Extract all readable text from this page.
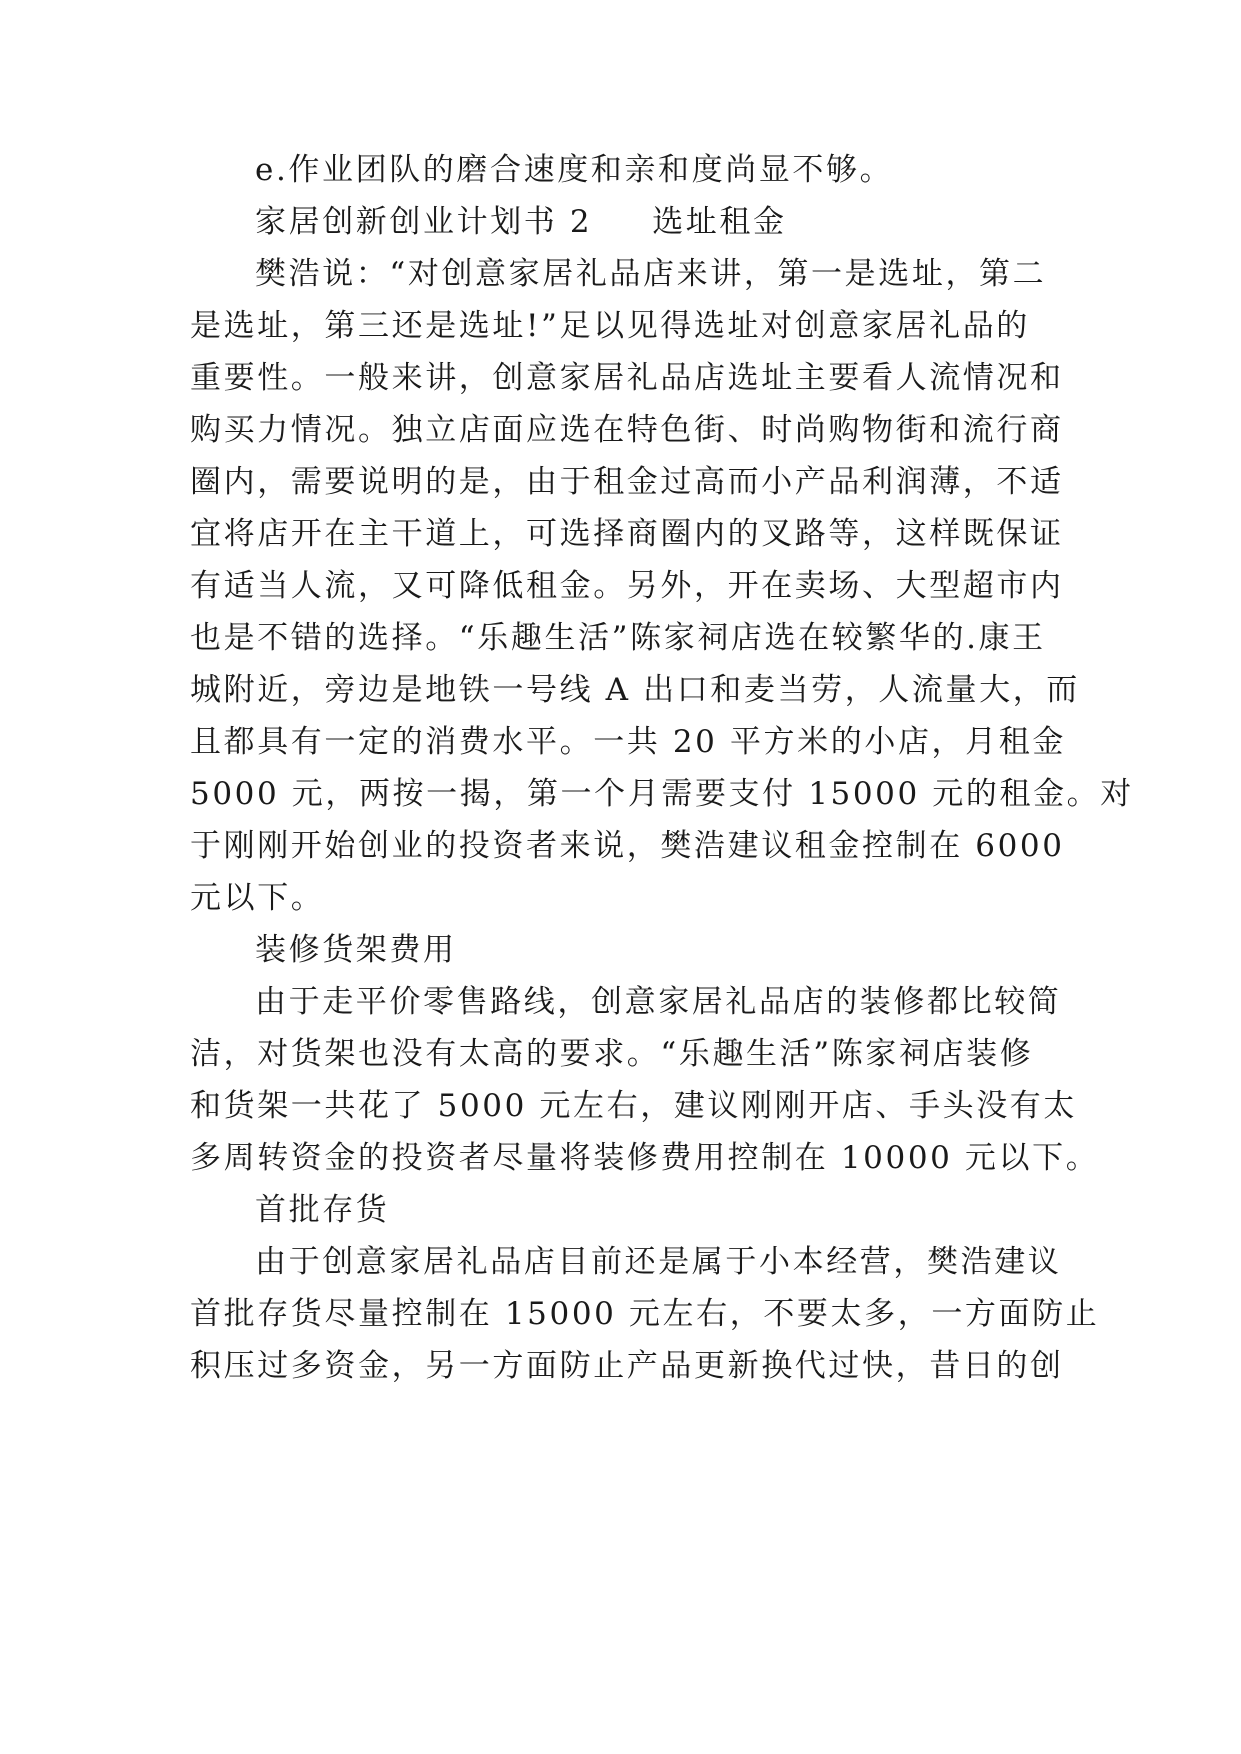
e.作业团队的磨合速度和亲和度尚显不够。
家居创新创业计划书 2 选址租金
樊浩说：“对创意家居礼品店来讲，第一是选址，第二
是选址，第三还是选址!”足以见得选址对创意家居礼品的
重要性。一般来讲，创意家居礼品店选址主要看人流情况和
购买力情况。独立店面应选在特色街、时尚购物街和流行商
圈内，需要说明的是，由于租金过高而小产品利润薄，不适
宜将店开在主干道上，可选择商圈内的叉路等，这样既保证
有适当人流，又可降低租金。另外，开在卖场、大型超市内
也是不错的选择。“乐趣生活”陈家祠店选在较繁华的.康王
城附近，旁边是地铁一号线 A 出口和麦当劳，人流量大，而
且都具有一定的消费水平。一共 20 平方米的小店，月租金
5000 元，两按一揭，第一个月需要支付 15000 元的租金。对
于刚刚开始创业的投资者来说，樊浩建议租金控制在 6000
元以下。
装修货架费用
由于走平价零售路线，创意家居礼品店的装修都比较简
洁，对货架也没有太高的要求。“乐趣生活”陈家祠店装修
和货架一共花了 5000 元左右，建议刚刚开店、手头没有太
多周转资金的投资者尽量将装修费用控制在 10000 元以下。
首批存货
由于创意家居礼品店目前还是属于小本经营，樊浩建议
首批存货尽量控制在 15000 元左右，不要太多，一方面防止
积压过多资金，另一方面防止产品更新换代过快，昔日的创
